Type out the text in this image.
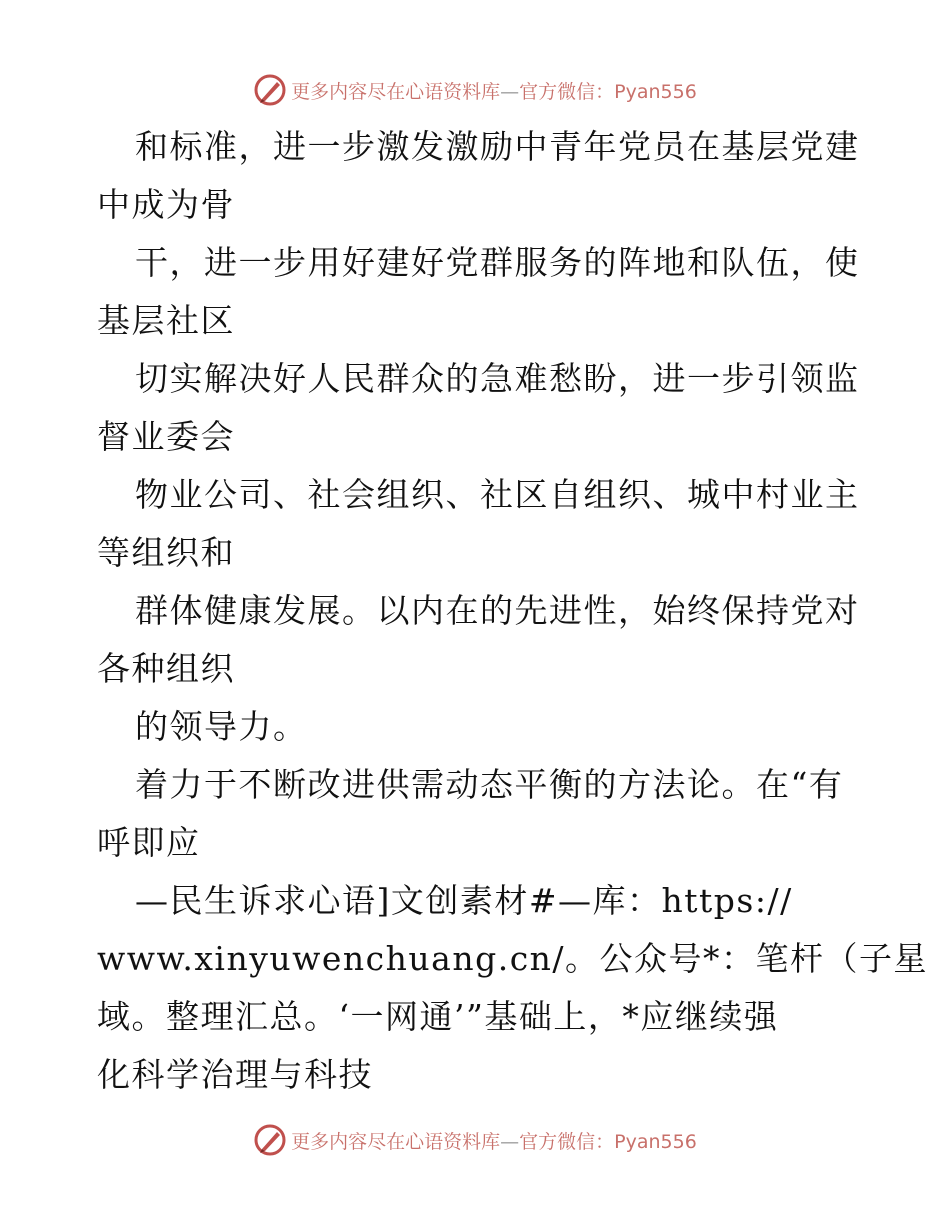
更多内容尽在心语资料库—官方微信：Pyan556
和标准，进一步激发激励中青年党员在基层党建
中成为骨
干，进一步用好建好党群服务的阵地和队伍，使
基层社区
切实解决好人民群众的急难愁盼，进一步引领监
督业委会
物业公司、社会组织、社区自组织、城中村业主
等组织和
群体健康发展。以内在的先进性，始终保持党对
各种组织
的领导力。
着力于不断改进供需动态平衡的方法论。在“有
呼即应
—民生诉求心语]文创素材#—库：https://
www.xinyuwenchuang.cn/。公众号*：笔杆（子星
域。整理汇总。‘一网通’”基础上，*应继续强
化科学治理与科技
更多内容尽在心语资料库—官方微信：Pyan556
